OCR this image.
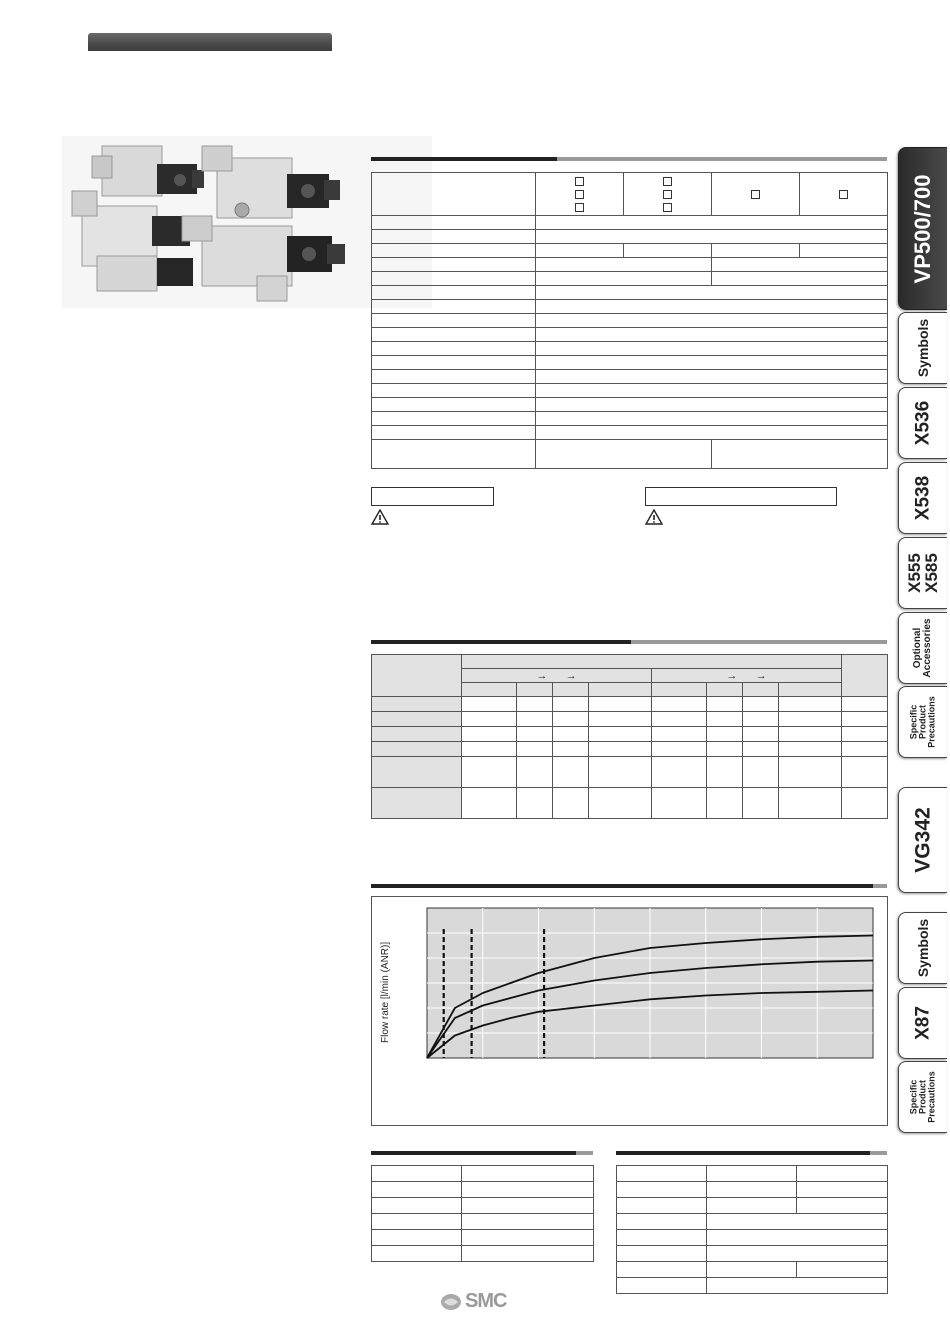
	→ →				→ →				

Flow rate [l/min (ANR)]

SMC
VP500/700
Symbols
X536
X538
X555 X585
Optional Accessories
Specific Product Precautions
VG342
Symbols
X87
Specific Product Precautions
